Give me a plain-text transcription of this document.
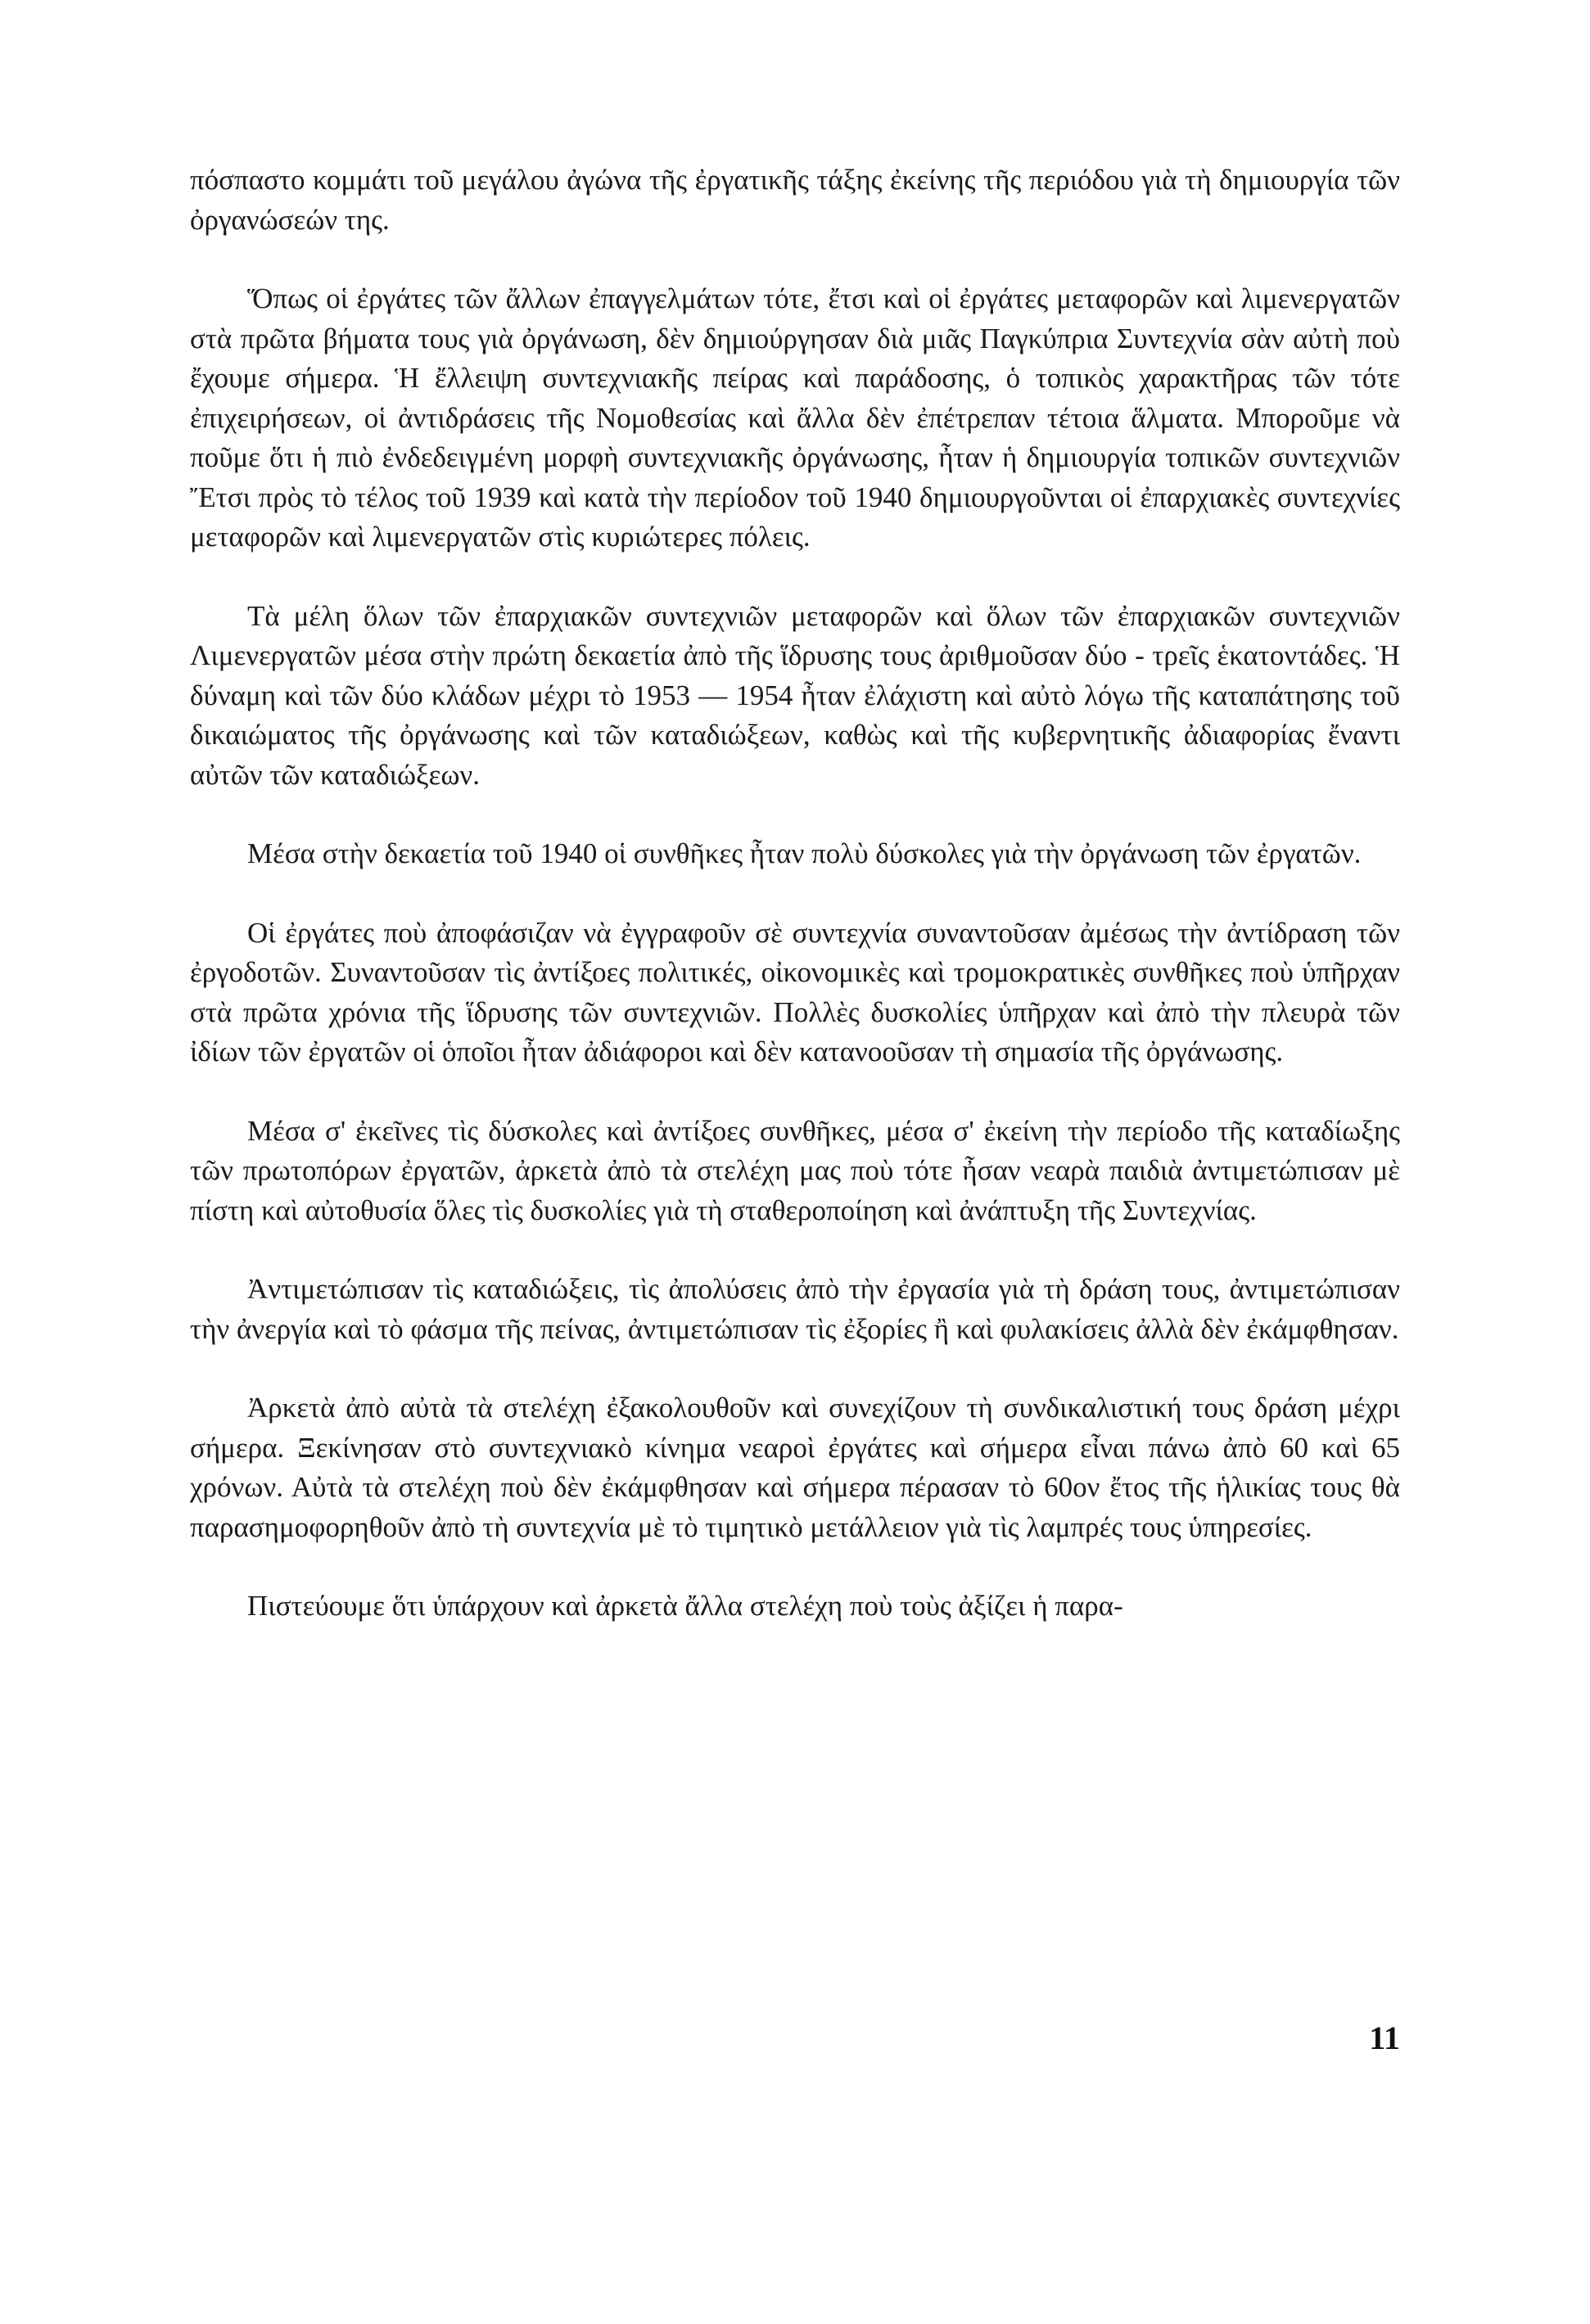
πόσπαστο κομμάτι τοῦ μεγάλου ἀγώνα τῆς ἐργατικῆς τάξης ἐκείνης τῆς περιόδου γιὰ τὴ δημιουργία τῶν ὀργανώσεών της.

Ὅπως οἱ ἐργάτες τῶν ἄλλων ἐπαγγελμάτων τότε, ἔτσι καὶ οἱ ἐργάτες μεταφορῶν καὶ λιμενεργατῶν στὰ πρῶτα βήματα τους γιὰ ὀργάνωση, δὲν δημιούργησαν διὰ μιᾶς Παγκύπρια Συντεχνία σὰν αὐτὴ ποὺ ἔχουμε σήμερα. Ἡ ἔλλειψη συντεχνιακῆς πείρας καὶ παράδοσης, ὁ τοπικὸς χαρακτῆρας τῶν τότε ἐπιχειρήσεων, οἱ ἀντιδράσεις τῆς Νομοθεσίας καὶ ἄλλα δὲν ἐπέτρεπαν τέτοια ἅλματα. Μποροῦμε νὰ ποῦμε ὅτι ἡ πιὸ ἐνδεδειγμένη μορφὴ συντεχνιακῆς ὀργάνωσης, ἦταν ἡ δημιουργία τοπικῶν συντεχνιῶν Ἔτσι πρὸς τὸ τέλος τοῦ 1939 καὶ κατὰ τὴν περίοδον τοῦ 1940 δημιουργοῦνται οἱ ἐπαρχιακὲς συντεχνίες μεταφορῶν καὶ λιμενεργατῶν στὶς κυριώτερες πόλεις.

Τὰ μέλη ὅλων τῶν ἐπαρχιακῶν συντεχνιῶν μεταφορῶν καὶ ὅλων τῶν ἐπαρχιακῶν συντεχνιῶν Λιμενεργατῶν μέσα στὴν πρώτη δεκαετία ἀπὸ τῆς ἵδρυσης τους ἀριθμοῦσαν δύο - τρεῖς ἑκατοντάδες. Ἡ δύναμη καὶ τῶν δύο κλάδων μέχρι τὸ 1953 — 1954 ἦταν ἐλάχιστη καὶ αὐτὸ λόγω τῆς καταπάτησης τοῦ δικαιώματος τῆς ὀργάνωσης καὶ τῶν καταδιώξεων, καθὼς καὶ τῆς κυβερνητικῆς ἀδιαφορίας ἔναντι αὐτῶν τῶν καταδιώξεων.

Μέσα στὴν δεκαετία τοῦ 1940 οἱ συνθῆκες ἦταν πολὺ δύσκολες γιὰ τὴν ὀργάνωση τῶν ἐργατῶν.

Οἱ ἐργάτες ποὺ ἀποφάσιζαν νὰ ἐγγραφοῦν σὲ συντεχνία συναντοῦσαν ἀμέσως τὴν ἀντίδραση τῶν ἐργοδοτῶν. Συναντοῦσαν τὶς ἀντίξοες πολιτικές, οἰκονομικὲς καὶ τρομοκρατικὲς συνθῆκες ποὺ ὑπῆρχαν στὰ πρῶτα χρόνια τῆς ἵδρυσης τῶν συντεχνιῶν. Πολλὲς δυσκολίες ὑπῆρχαν καὶ ἀπὸ τὴν πλευρὰ τῶν ἰδίων τῶν ἐργατῶν οἱ ὁποῖοι ἦταν ἀδιάφοροι καὶ δὲν κατανοοῦσαν τὴ σημασία τῆς ὀργάνωσης.

Μέσα σ' ἐκεῖνες τὶς δύσκολες καὶ ἀντίξοες συνθῆκες, μέσα σ' ἐκείνη τὴν περίοδο τῆς καταδίωξης τῶν πρωτοπόρων ἐργατῶν, ἀρκετὰ ἀπὸ τὰ στελέχη μας ποὺ τότε ἦσαν νεαρὰ παιδιὰ ἀντιμετώπισαν μὲ πίστη καὶ αὐτοθυσία ὅλες τὶς δυσκολίες γιὰ τὴ σταθεροποίηση καὶ ἀνάπτυξη τῆς Συντεχνίας.

Ἀντιμετώπισαν τὶς καταδιώξεις, τὶς ἀπολύσεις ἀπὸ τὴν ἐργασία γιὰ τὴ δράση τους, ἀντιμετώπισαν τὴν ἀνεργία καὶ τὸ φάσμα τῆς πείνας, ἀντιμετώπισαν τὶς ἐξορίες ἢ καὶ φυλακίσεις ἀλλὰ δὲν ἐκάμφθησαν.

Ἀρκετὰ ἀπὸ αὐτὰ τὰ στελέχη ἐξακολουθοῦν καὶ συνεχίζουν τὴ συνδικαλιστική τους δράση μέχρι σήμερα. Ξεκίνησαν στὸ συντεχνιακὸ κίνημα νεαροὶ ἐργάτες καὶ σήμερα εἶναι πάνω ἀπὸ 60 καὶ 65 χρόνων. Αὐτὰ τὰ στελέχη ποὺ δὲν ἐκάμφθησαν καὶ σήμερα πέρασαν τὸ 60ον ἔτος τῆς ἡλικίας τους θὰ παρασημοφορηθοῦν ἀπὸ τὴ συντεχνία μὲ τὸ τιμητικὸ μετάλλειον γιὰ τὶς λαμπρές τους ὑπηρεσίες.

Πιστεύουμε ὅτι ὑπάρχουν καὶ ἀρκετὰ ἄλλα στελέχη ποὺ τοὺς ἀξίζει ἡ παρα-

11
